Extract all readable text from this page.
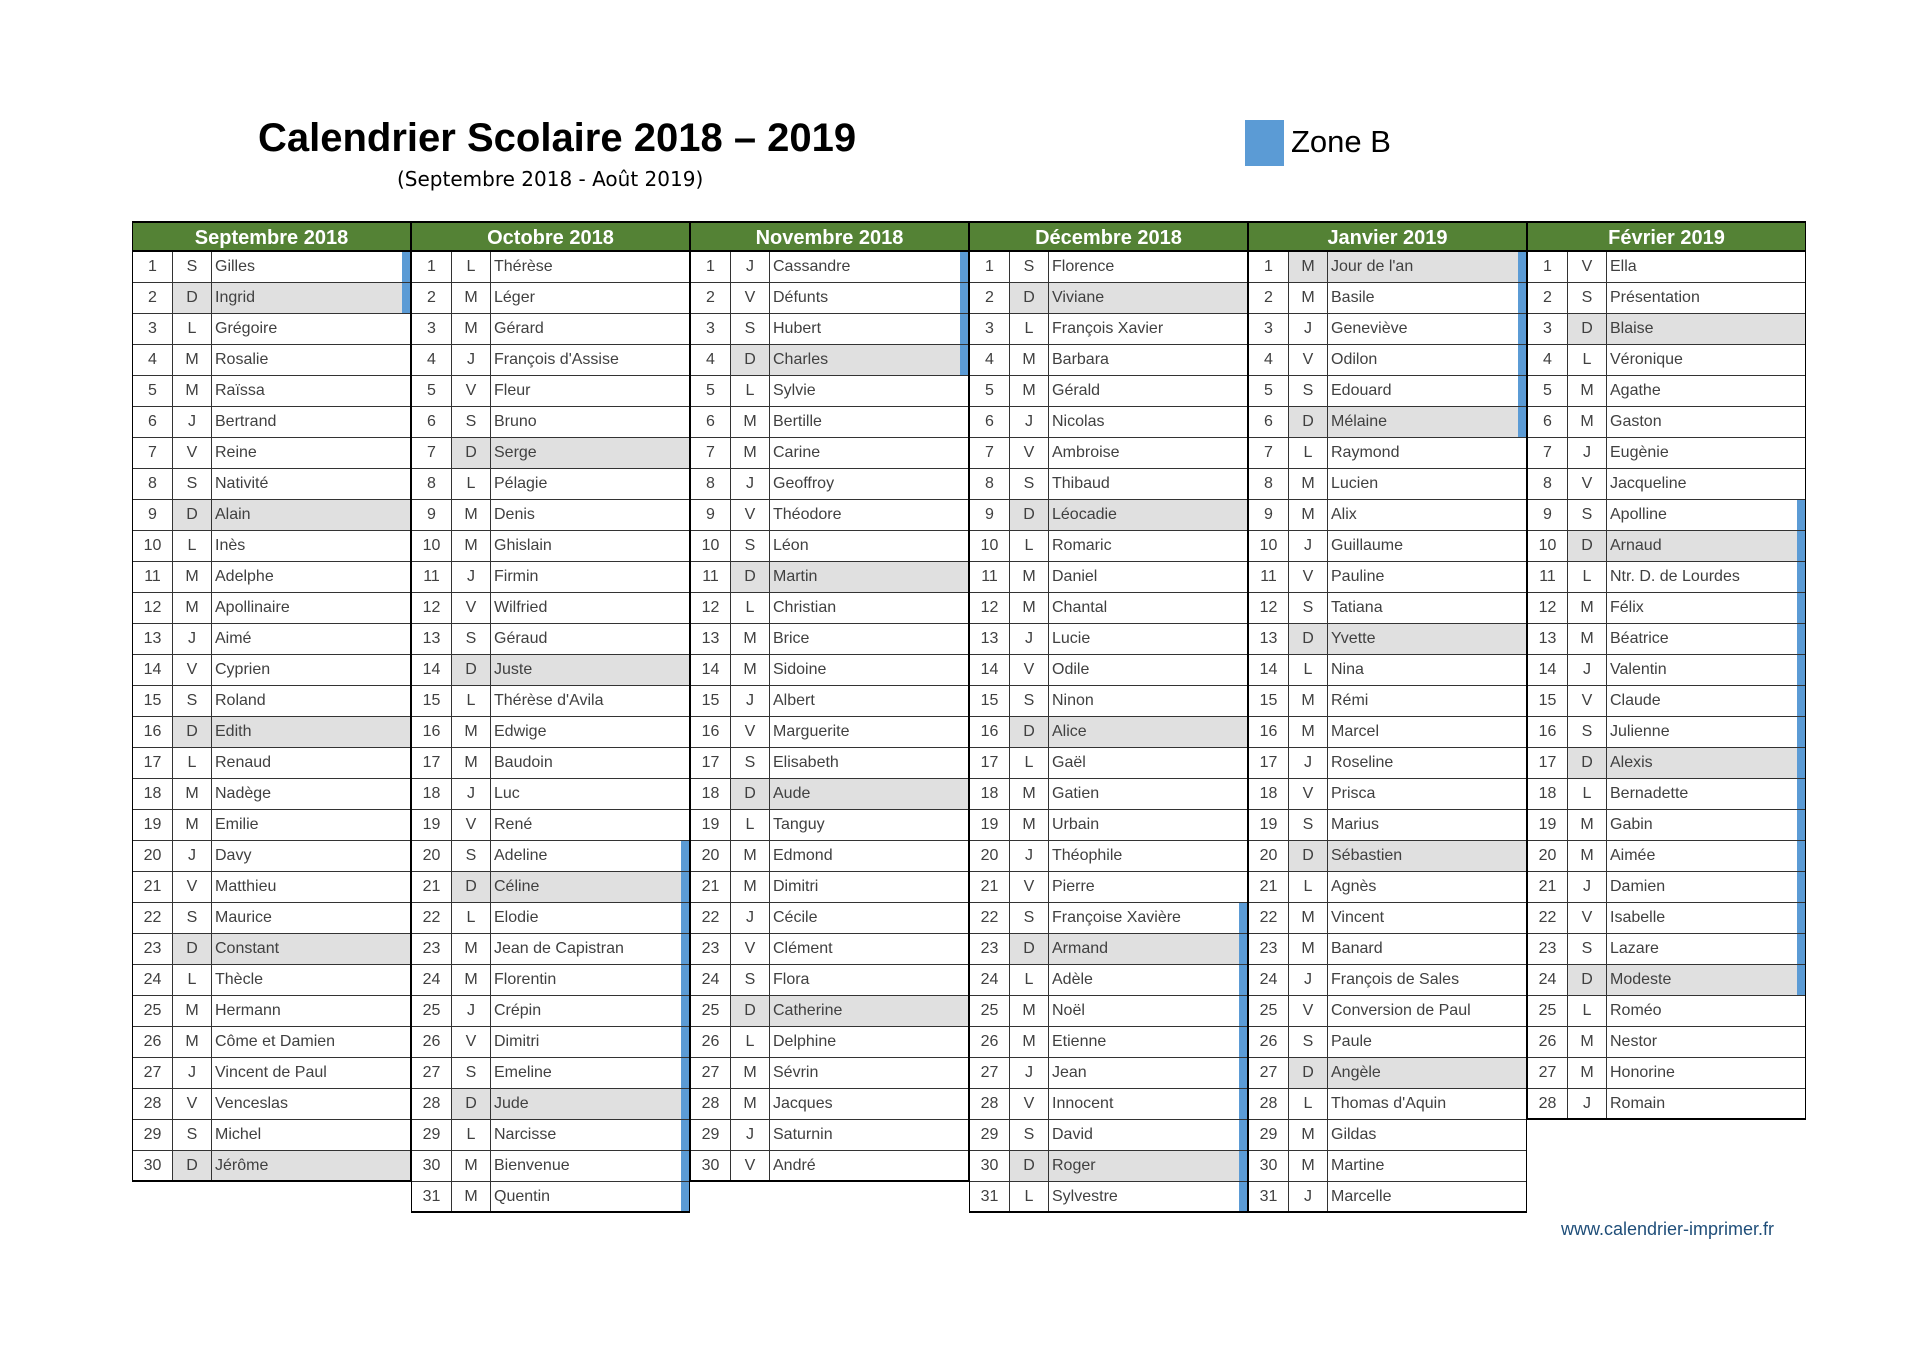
Calendrier Scolaire 2018 – 2019
(Septembre 2018 - Août 2019)
Zone B
Septembre 2018
1	S	Gilles
2	D	Ingrid
3	L	Grégoire
4	M	Rosalie
5	M	Raïssa
6	J	Bertrand
7	V	Reine
8	S	Nativité
9	D	Alain
10	L	Inès
11	M	Adelphe
12	M	Apollinaire
13	J	Aimé
14	V	Cyprien
15	S	Roland
16	D	Edith
17	L	Renaud
18	M	Nadège
19	M	Emilie
20	J	Davy
21	V	Matthieu
22	S	Maurice
23	D	Constant
24	L	Thècle
25	M	Hermann
26	M	Côme et Damien
27	J	Vincent de Paul
28	V	Venceslas
29	S	Michel
30	D	Jérôme
Octobre 2018
1	L	Thérèse
2	M	Léger
3	M	Gérard
4	J	François d'Assise
5	V	Fleur
6	S	Bruno
7	D	Serge
8	L	Pélagie
9	M	Denis
10	M	Ghislain
11	J	Firmin
12	V	Wilfried
13	S	Géraud
14	D	Juste
15	L	Thérèse d'Avila
16	M	Edwige
17	M	Baudoin
18	J	Luc
19	V	René
20	S	Adeline
21	D	Céline
22	L	Elodie
23	M	Jean de Capistran
24	M	Florentin
25	J	Crépin
26	V	Dimitri
27	S	Emeline
28	D	Jude
29	L	Narcisse
30	M	Bienvenue
31	M	Quentin
Novembre 2018
1	J	Cassandre
2	V	Défunts
3	S	Hubert
4	D	Charles
5	L	Sylvie
6	M	Bertille
7	M	Carine
8	J	Geoffroy
9	V	Théodore
10	S	Léon
11	D	Martin
12	L	Christian
13	M	Brice
14	M	Sidoine
15	J	Albert
16	V	Marguerite
17	S	Elisabeth
18	D	Aude
19	L	Tanguy
20	M	Edmond
21	M	Dimitri
22	J	Cécile
23	V	Clément
24	S	Flora
25	D	Catherine
26	L	Delphine
27	M	Sévrin
28	M	Jacques
29	J	Saturnin
30	V	André
Décembre 2018
1	S	Florence
2	D	Viviane
3	L	François Xavier
4	M	Barbara
5	M	Gérald
6	J	Nicolas
7	V	Ambroise
8	S	Thibaud
9	D	Léocadie
10	L	Romaric
11	M	Daniel
12	M	Chantal
13	J	Lucie
14	V	Odile
15	S	Ninon
16	D	Alice
17	L	Gaël
18	M	Gatien
19	M	Urbain
20	J	Théophile
21	V	Pierre
22	S	Françoise Xavière
23	D	Armand
24	L	Adèle
25	M	Noël
26	M	Etienne
27	J	Jean
28	V	Innocent
29	S	David
30	D	Roger
31	L	Sylvestre
Janvier 2019
1	M	Jour de l'an
2	M	Basile
3	J	Geneviève
4	V	Odilon
5	S	Edouard
6	D	Mélaine
7	L	Raymond
8	M	Lucien
9	M	Alix
10	J	Guillaume
11	V	Pauline
12	S	Tatiana
13	D	Yvette
14	L	Nina
15	M	Rémi
16	M	Marcel
17	J	Roseline
18	V	Prisca
19	S	Marius
20	D	Sébastien
21	L	Agnès
22	M	Vincent
23	M	Banard
24	J	François de Sales
25	V	Conversion de Paul
26	S	Paule
27	D	Angèle
28	L	Thomas d'Aquin
29	M	Gildas
30	M	Martine
31	J	Marcelle
Février 2019
1	V	Ella
2	S	Présentation
3	D	Blaise
4	L	Véronique
5	M	Agathe
6	M	Gaston
7	J	Eugènie
8	V	Jacqueline
9	S	Apolline
10	D	Arnaud
11	L	Ntr. D. de Lourdes
12	M	Félix
13	M	Béatrice
14	J	Valentin
15	V	Claude
16	S	Julienne
17	D	Alexis
18	L	Bernadette
19	M	Gabin
20	M	Aimée
21	J	Damien
22	V	Isabelle
23	S	Lazare
24	D	Modeste
25	L	Roméo
26	M	Nestor
27	M	Honorine
28	J	Romain
www.calendrier-imprimer.fr
